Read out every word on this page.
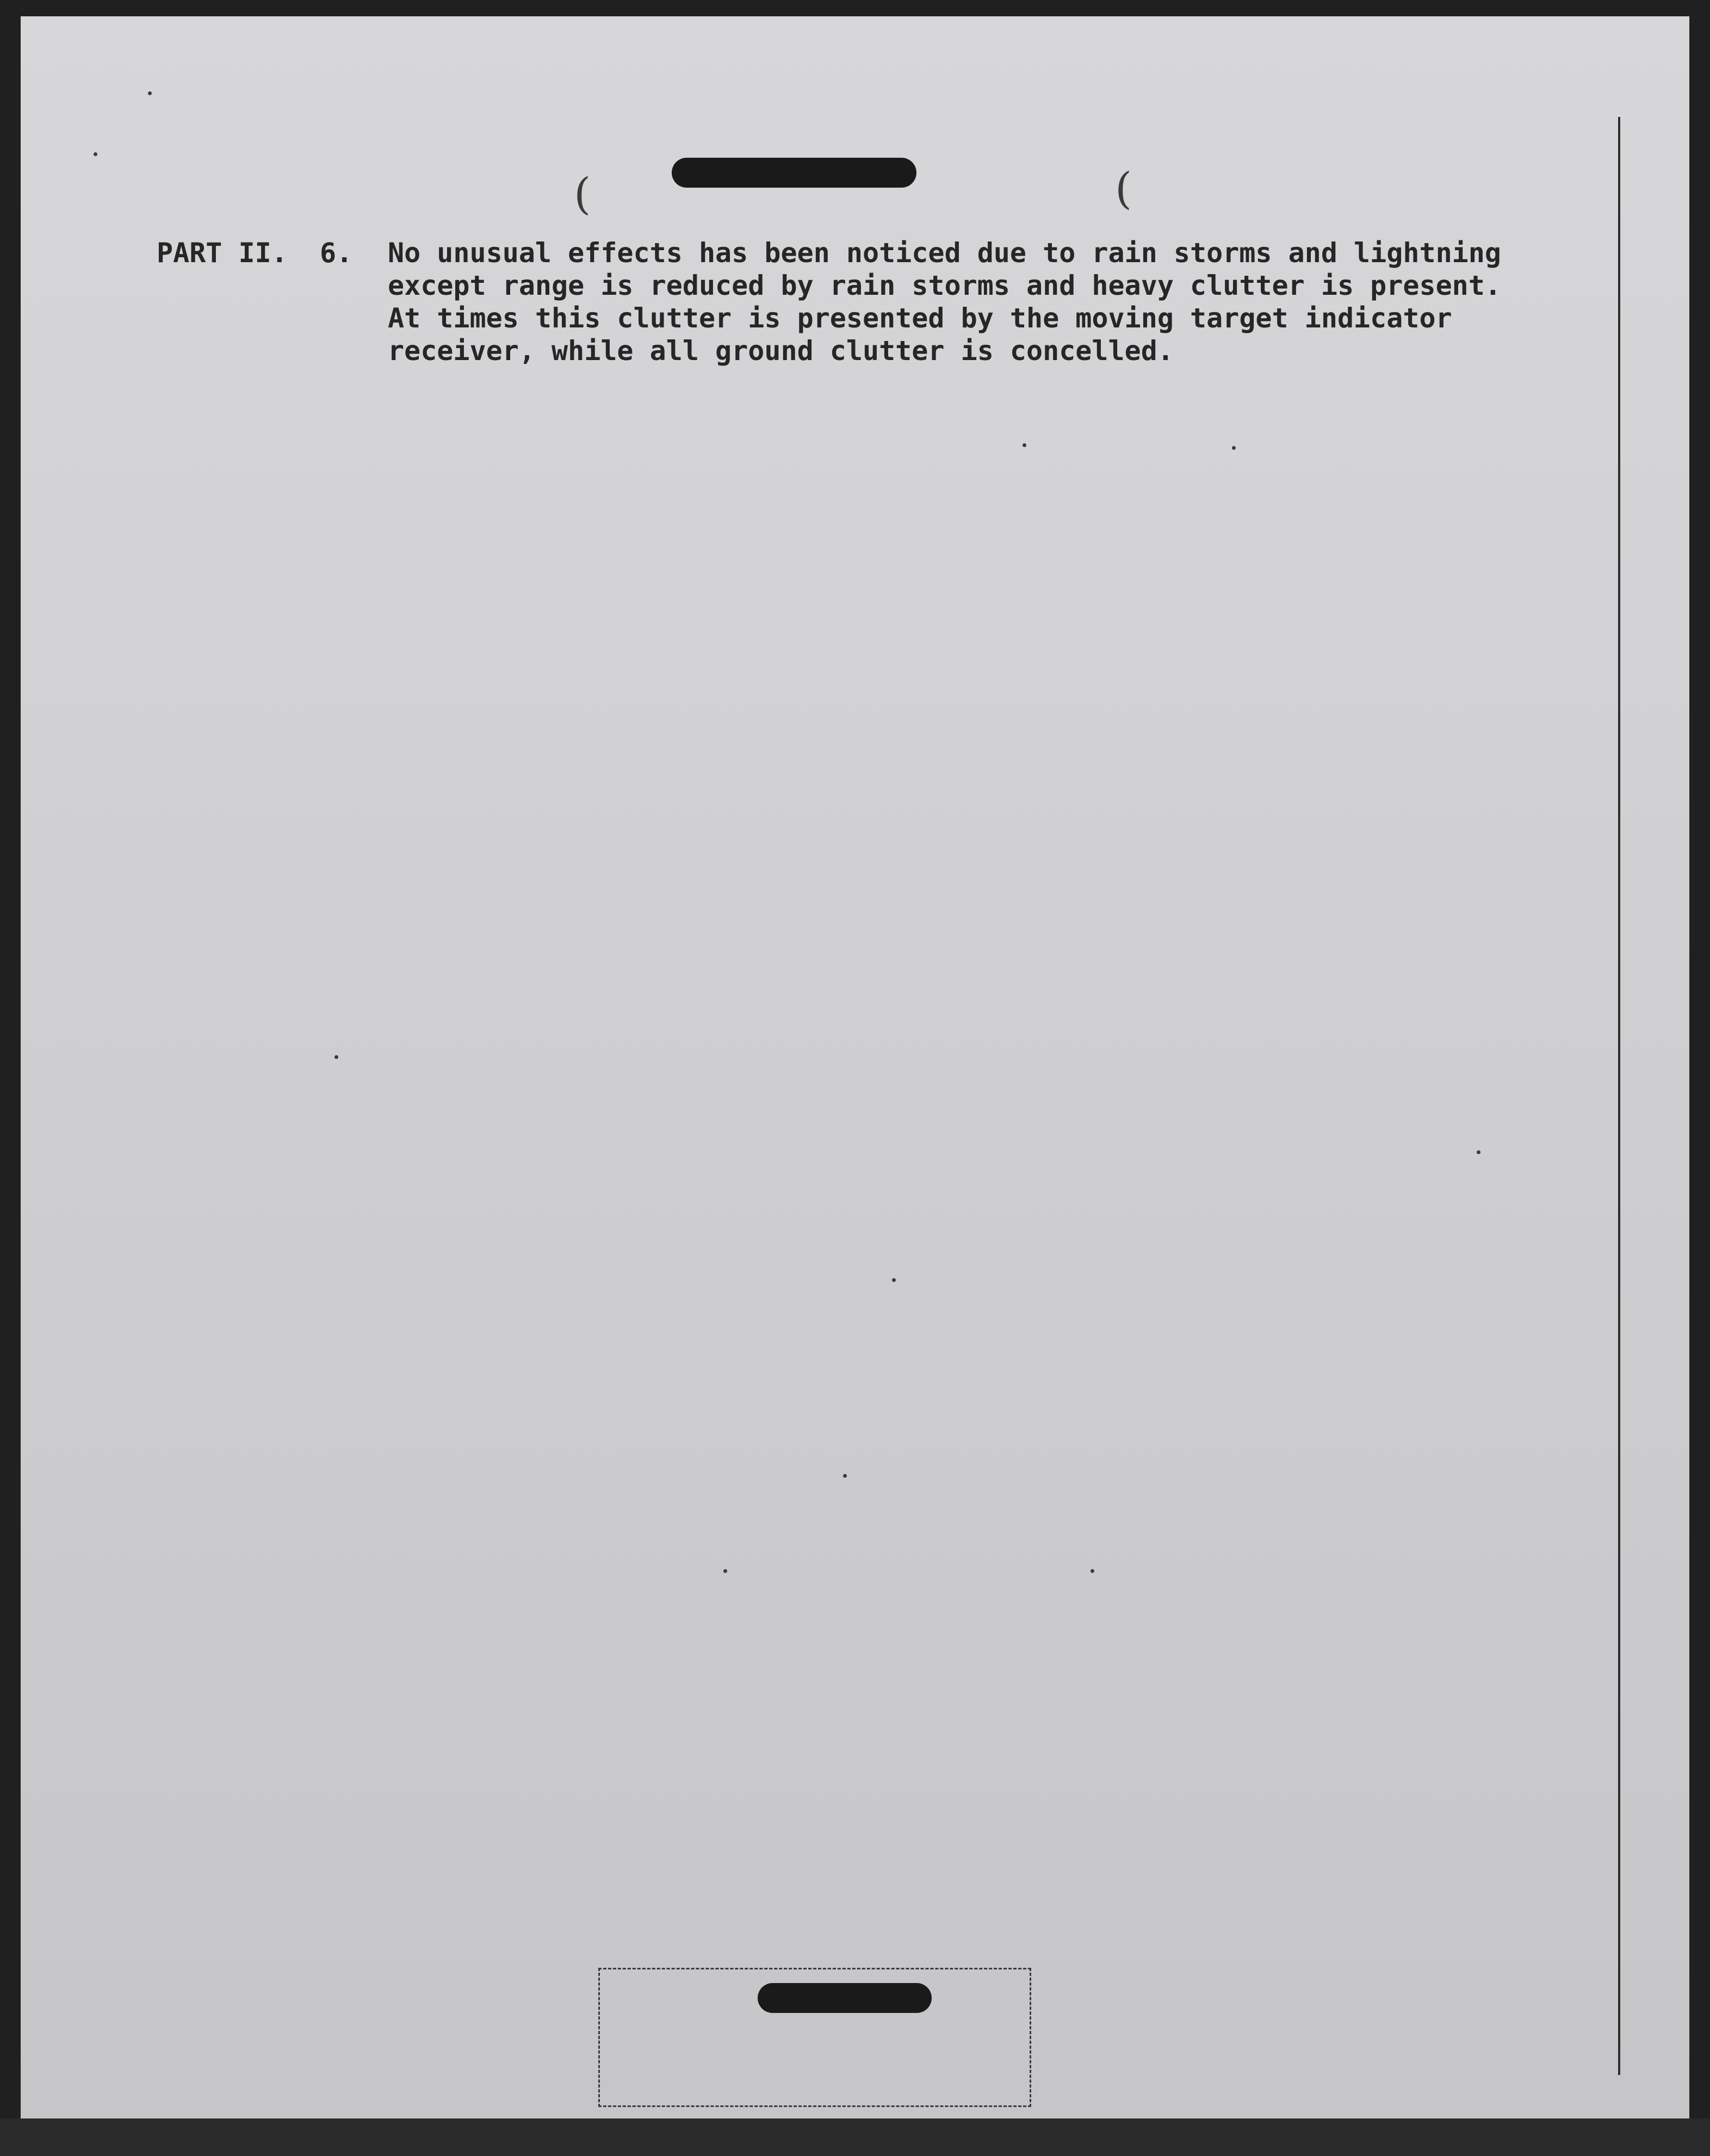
(	(
PART II. 6. No unusual effects has been noticed due to rain storms and lightning
except range is reduced by rain storms and heavy clutter is present.
At times this clutter is presented by the moving target indicator
receiver, while all ground clutter is concelled.
